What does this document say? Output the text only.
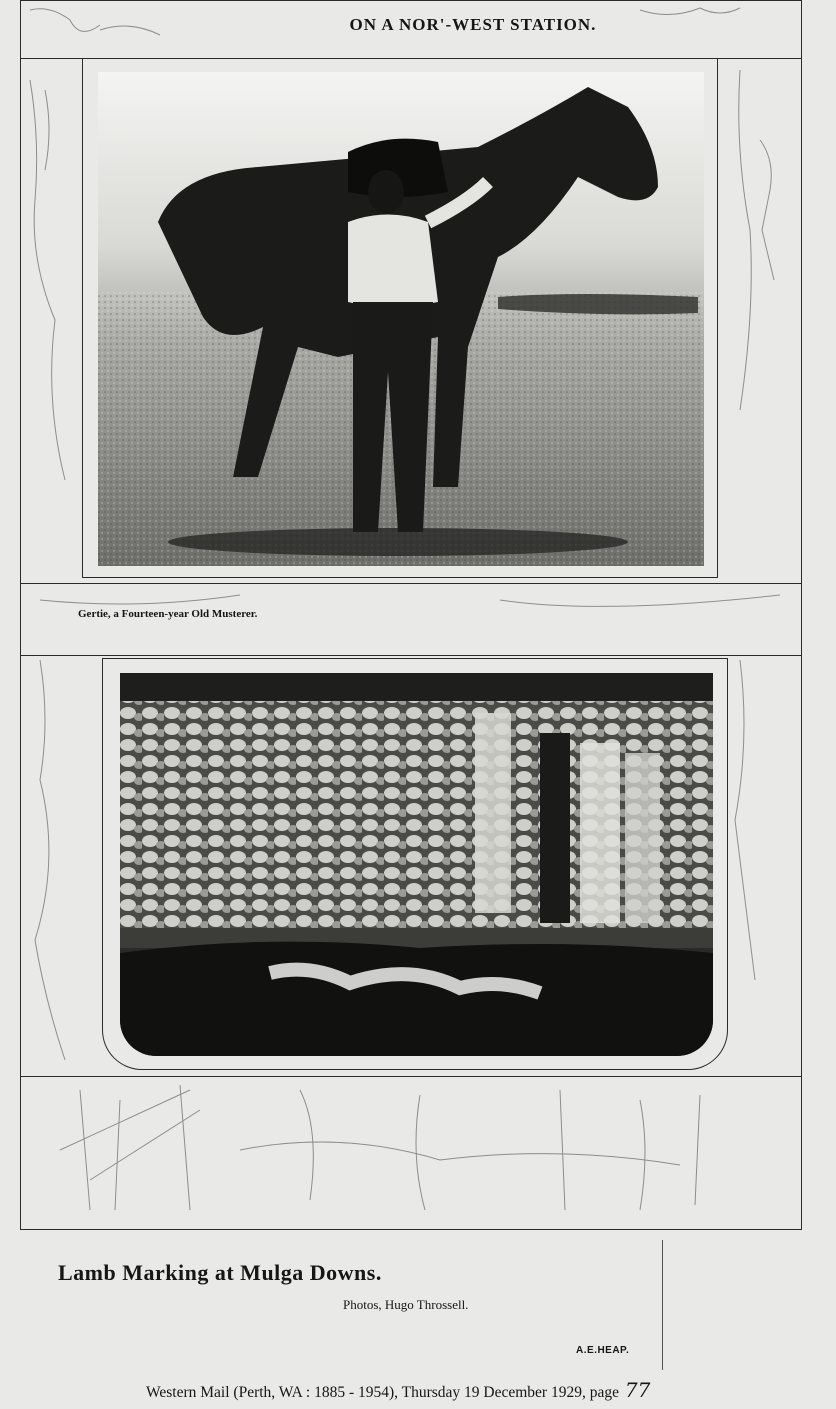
ON A NOR'-WEST STATION.
Gertie, a Fourteen-year Old Musterer.
Lamb Marking at Mulga Downs.
Photos, Hugo Throssell.
A.E.HEAP.
Western Mail (Perth, WA : 1885 - 1954), Thursday 19 December 1929, page 77
